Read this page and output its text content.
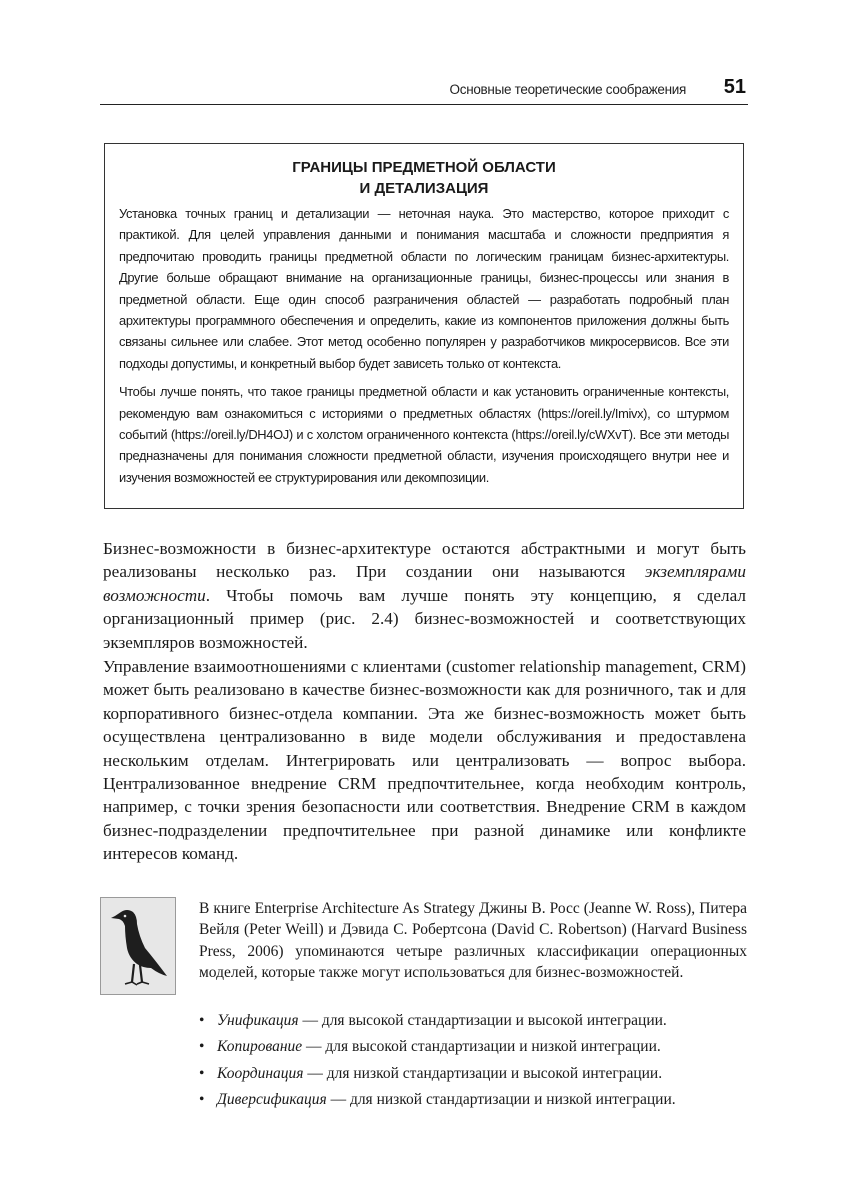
Основные теоретические соображения 51
ГРАНИЦЫ ПРЕДМЕТНОЙ ОБЛАСТИ
И ДЕТАЛИЗАЦИЯ

Установка точных границ и детализации — неточная наука. Это мастерство, которое приходит с практикой. Для целей управления данными и понимания масштаба и сложности предприятия я предпочитаю проводить границы предметной области по логическим границам бизнес-архитектуры. Другие больше обращают внимание на организационные границы, бизнес-процессы или знания в предметной области. Еще один способ разграничения областей — разработать подробный план архитектуры программного обеспечения и определить, какие из компонентов приложения должны быть связаны сильнее или слабее. Этот метод особенно популярен у разработчиков микросервисов. Все эти подходы допустимы, и конкретный выбор будет зависеть только от контекста.

Чтобы лучше понять, что такое границы предметной области и как установить ограниченные контексты, рекомендую вам ознакомиться с историями о предметных областях (https://oreil.ly/Imivx), со штурмом событий (https://oreil.ly/DH4OJ) и с холстом ограниченного контекста (https://oreil.ly/cWXvT). Все эти методы предназначены для понимания сложности предметной области, изучения происходящего внутри нее и изучения возможностей ее структурирования или декомпозиции.

Бизнес-возможности в бизнес-архитектуре остаются абстрактными и могут быть реализованы несколько раз. При создании они называются экземплярами возможности. Чтобы помочь вам лучше понять эту концепцию, я сделал организационный пример (рис. 2.4) бизнес-возможностей и соответствующих экземпляров возможностей.

Управление взаимоотношениями с клиентами (customer relationship management, CRM) может быть реализовано в качестве бизнес-возможности как для розничного, так и для корпоративного бизнес-отдела компании. Эта же бизнес-возможность может быть осуществлена централизованно в виде модели обслуживания и предоставлена нескольким отделам. Интегрировать или централизовать — вопрос выбора. Централизованное внедрение CRM предпочтительнее, когда необходим контроль, например, с точки зрения безопасности или соответствия. Внедрение CRM в каждом бизнес-подразделении предпочтительнее при разной динамике или конфликте интересов команд.

В книге Enterprise Architecture As Strategy Джины В. Росс (Jeanne W. Ross), Питера Вейля (Peter Weill) и Дэвида С. Робертсона (David C. Robertson) (Harvard Business Press, 2006) упоминаются четыре различных классификации операционных моделей, которые также могут использоваться для бизнес-возможностей.

• Унификация — для высокой стандартизации и высокой интеграции.
• Копирование — для высокой стандартизации и низкой интеграции.
• Координация — для низкой стандартизации и высокой интеграции.
• Диверсификация — для низкой стандартизации и низкой интеграции.
